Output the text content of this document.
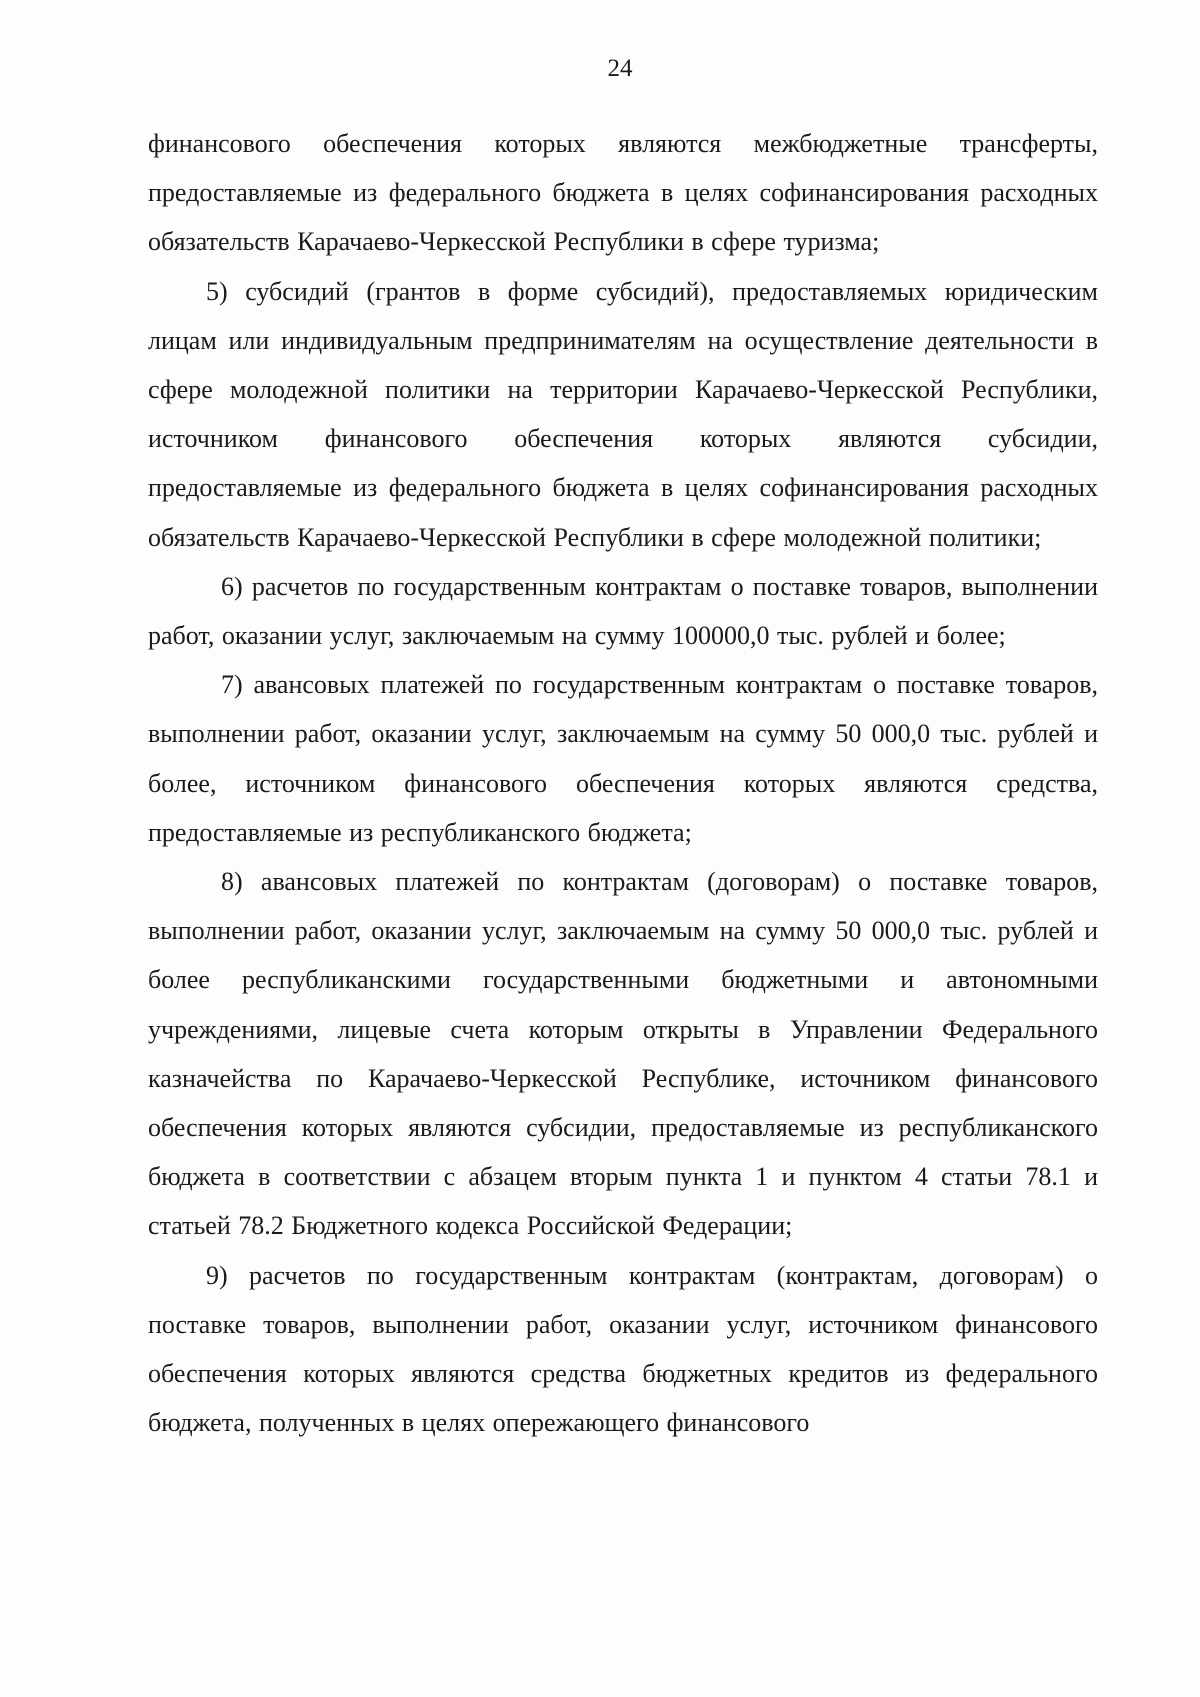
24

финансового обеспечения которых являются межбюджетные трансферты, предоставляемые из федерального бюджета в целях софинансирования расходных обязательств Карачаево-Черкесской Республики в сфере туризма;

5) субсидий (грантов в форме субсидий), предоставляемых юридическим лицам или индивидуальным предпринимателям на осуществление деятельности в сфере молодежной политики на территории Карачаево-Черкесской Республики, источником финансового обеспечения которых являются субсидии, предоставляемые из федерального бюджета в целях софинансирования расходных обязательств Карачаево-Черкесской Республики в сфере молодежной политики;

6) расчетов по государственным контрактам о поставке товаров, выполнении работ, оказании услуг, заключаемым на сумму 100000,0 тыс. рублей и более;

7) авансовых платежей по государственным контрактам о поставке товаров, выполнении работ, оказании услуг, заключаемым на сумму 50 000,0 тыс. рублей и более, источником финансового обеспечения которых являются средства, предоставляемые из республиканского бюджета;

8) авансовых платежей по контрактам (договорам) о поставке товаров, выполнении работ, оказании услуг, заключаемым на сумму 50 000,0 тыс. рублей и более республиканскими государственными бюджетными и автономными учреждениями, лицевые счета которым открыты в Управлении Федерального казначейства по Карачаево-Черкесской Республике, источником финансового обеспечения которых являются субсидии, предоставляемые из республиканского бюджета в соответствии с абзацем вторым пункта 1 и пунктом 4 статьи 78.1 и статьей 78.2 Бюджетного кодекса Российской Федерации;

9) расчетов по государственным контрактам (контрактам, договорам) о поставке товаров, выполнении работ, оказании услуг, источником финансового обеспечения которых являются средства бюджетных кредитов из федерального бюджета, полученных в целях опережающего финансового
